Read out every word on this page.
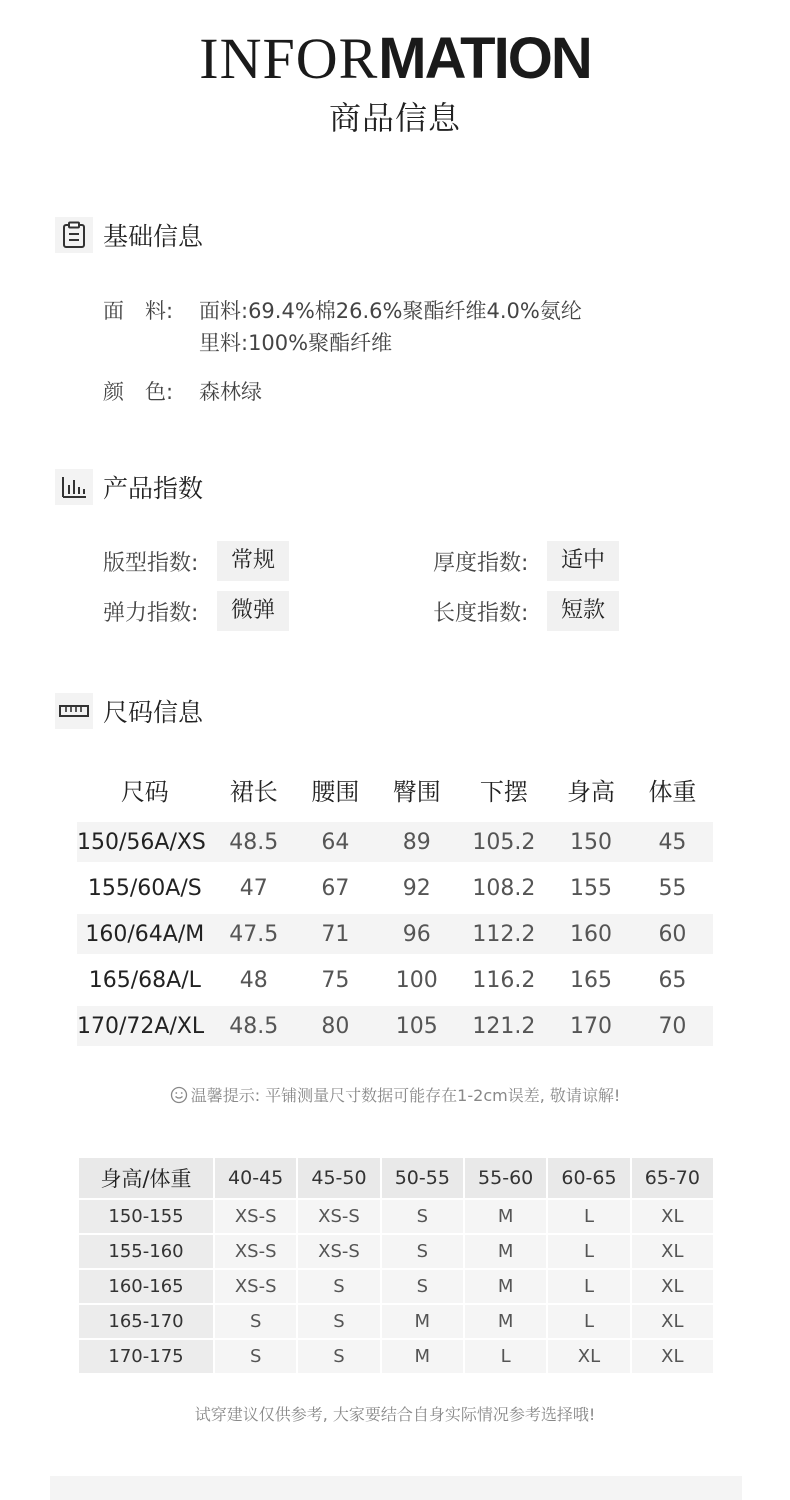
INFORMATION
商品信息
基础信息
面　料: 面料:69.4%棉26.6%聚酯纤维4.0%氨纶
里料:100%聚酯纤维
颜　色: 森林绿
产品指数
版型指数:	常规	厚度指数:	适中
弹力指数:	微弹	长度指数:	短款
尺码信息
尺码	裙长	腰围	臀围	下摆	身高	体重
150/56A/XS	48.5	64	89	105.2	150	45
155/60A/S	47	67	92	108.2	155	55
160/64A/M	47.5	71	96	112.2	160	60
165/68A/L	48	75	100	116.2	165	65
170/72A/XL	48.5	80	105	121.2	170	70
温馨提示: 平铺测量尺寸数据可能存在1-2cm误差, 敬请谅解!
身高/体重	40-45	45-50	50-55	55-60	60-65	65-70
150-155	XS-S	XS-S	S	M	L	XL
155-160	XS-S	XS-S	S	M	L	XL
160-165	XS-S	S	S	M	L	XL
165-170	S	S	M	M	L	XL
170-175	S	S	M	L	XL	XL
试穿建议仅供参考, 大家要结合自身实际情况参考选择哦!
